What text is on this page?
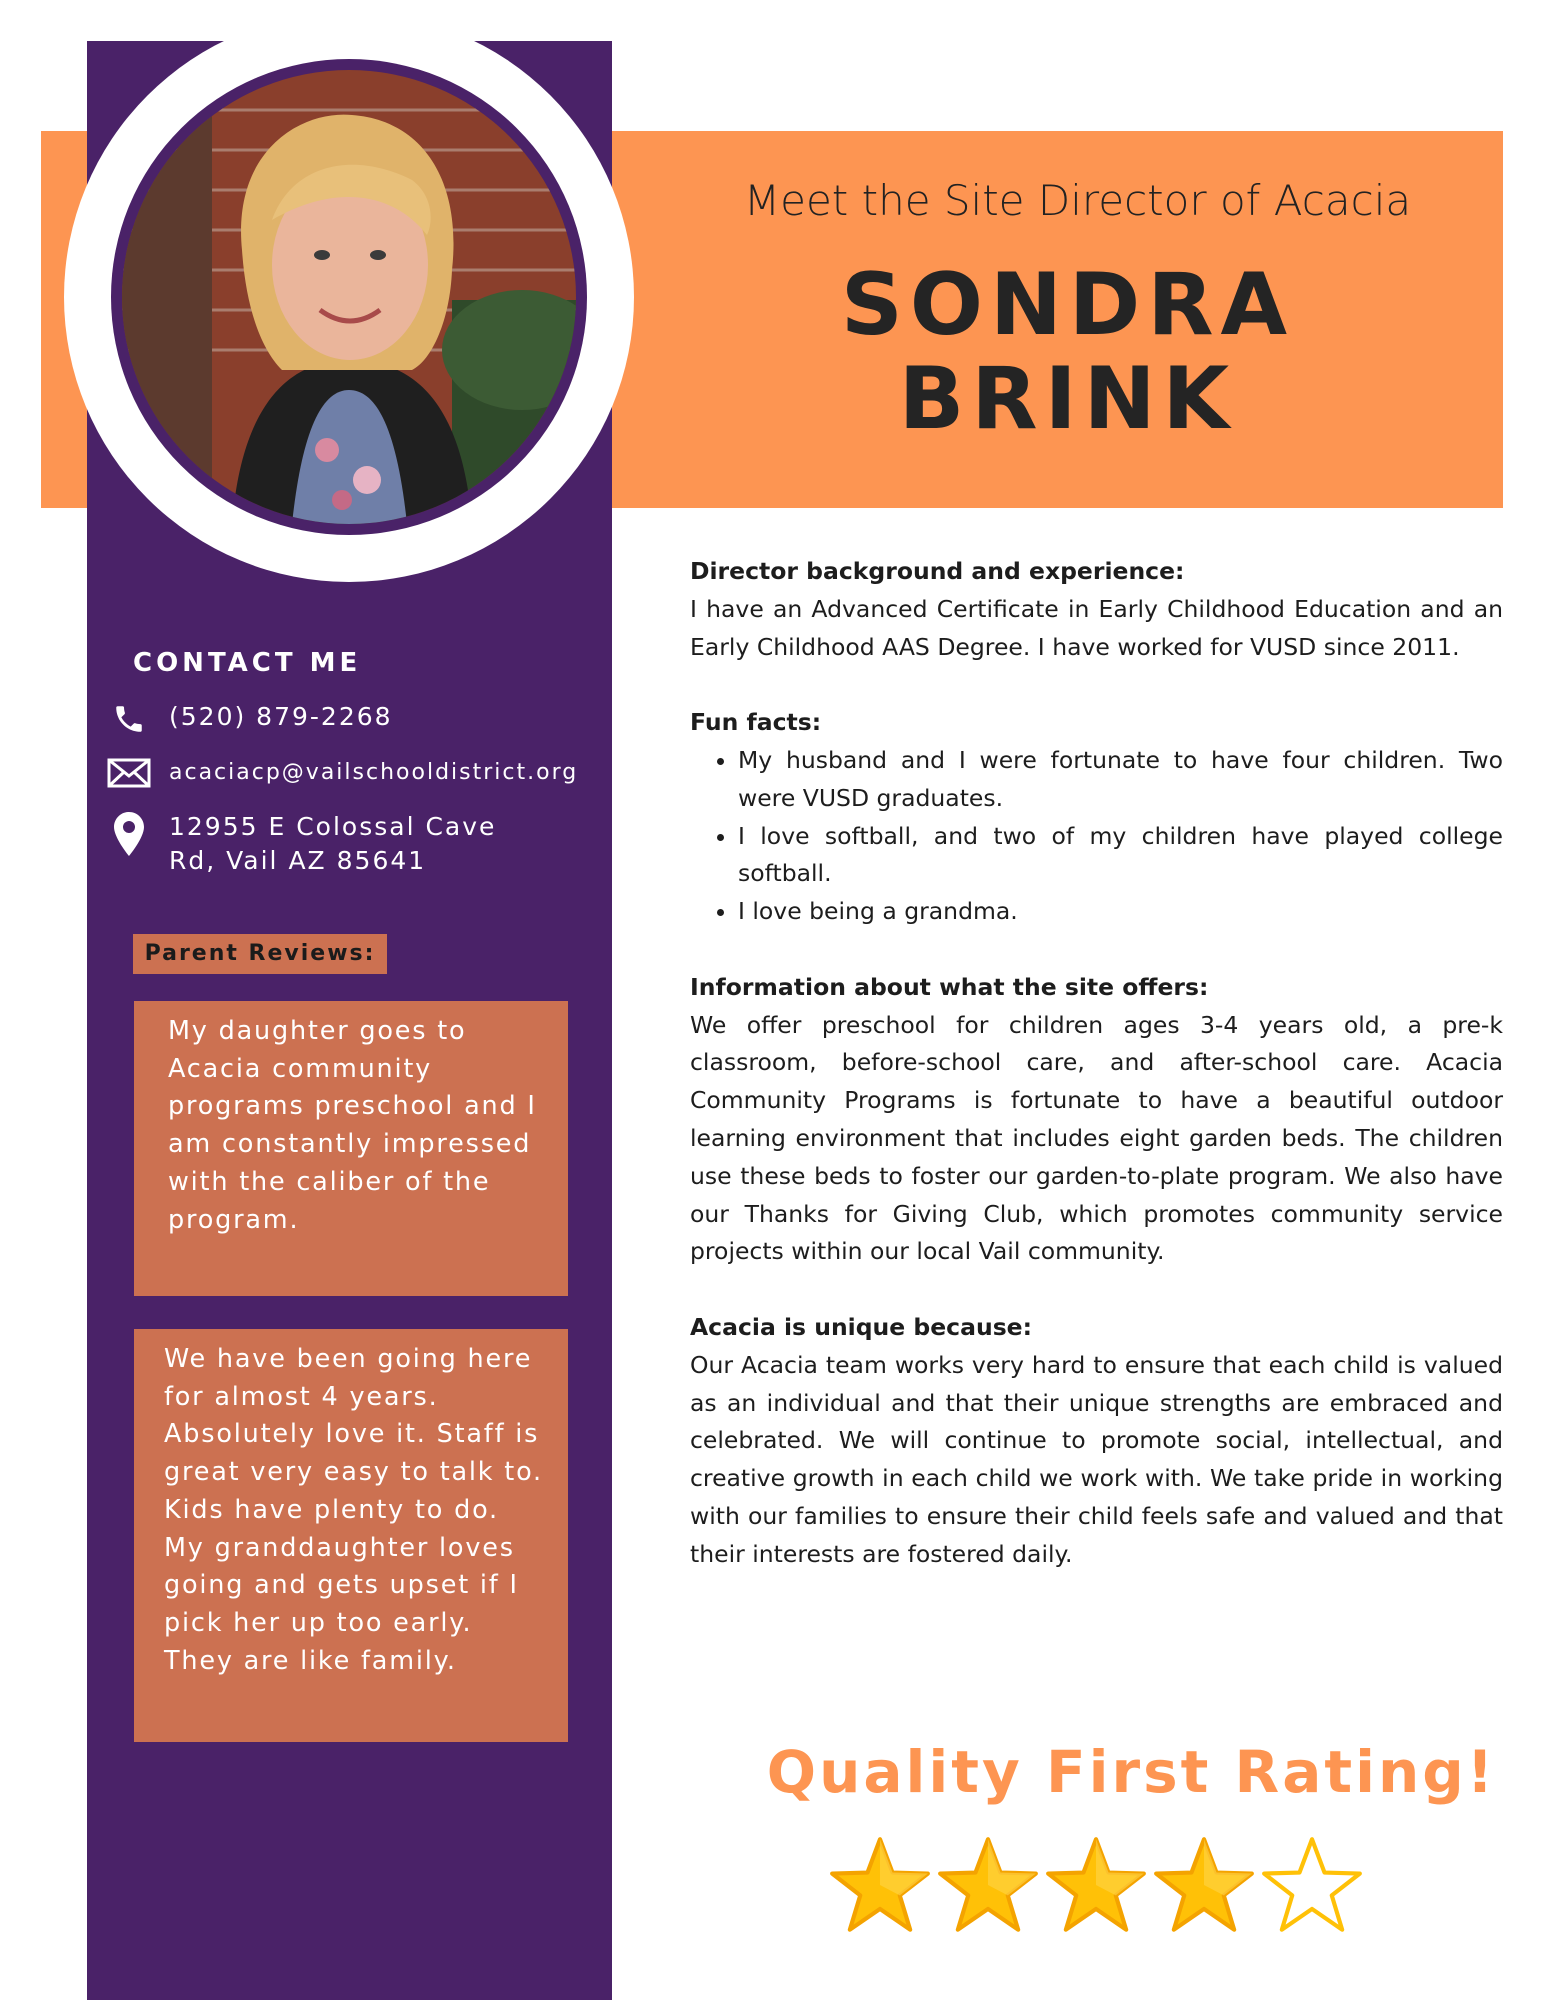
Meet the Site Director of Acacia
SONDRA
BRINK
CONTACT ME
(520) 879-2268
acaciacp@vailschooldistrict.org
12955 E Colossal Cave
Rd, Vail AZ 85641
Parent Reviews:
My daughter goes to Acacia community programs preschool and I am constantly impressed with the caliber of the program.
We have been going here for almost 4 years. Absolutely love it. Staff is great very easy to talk to. Kids have plenty to do. My granddaughter loves going and gets upset if I pick her up too early. They are like family.
Director background and experience:

I have an Advanced Certificate in Early Childhood Education and an Early Childhood AAS Degree. I have worked for VUSD since 2011.

Fun facts:
• My husband and I were fortunate to have four children. Two were VUSD graduates.
• I love softball, and two of my children have played college softball.
• I love being a grandma.
Information about what the site offers:

We offer preschool for children ages 3-4 years old, a pre-k classroom, before-school care, and after-school care. Acacia Community Programs is fortunate to have a beautiful outdoor learning environment that includes eight garden beds. The children use these beds to foster our garden-to-plate program. We also have our Thanks for Giving Club, which promotes community service projects within our local Vail community.

Acacia is unique because:

Our Acacia team works very hard to ensure that each child is valued as an individual and that their unique strengths are embraced and celebrated. We will continue to promote social, intellectual, and creative growth in each child we work with. We take pride in working with our families to ensure their child feels safe and valued and that their interests are fostered daily.

Quality First Rating!
